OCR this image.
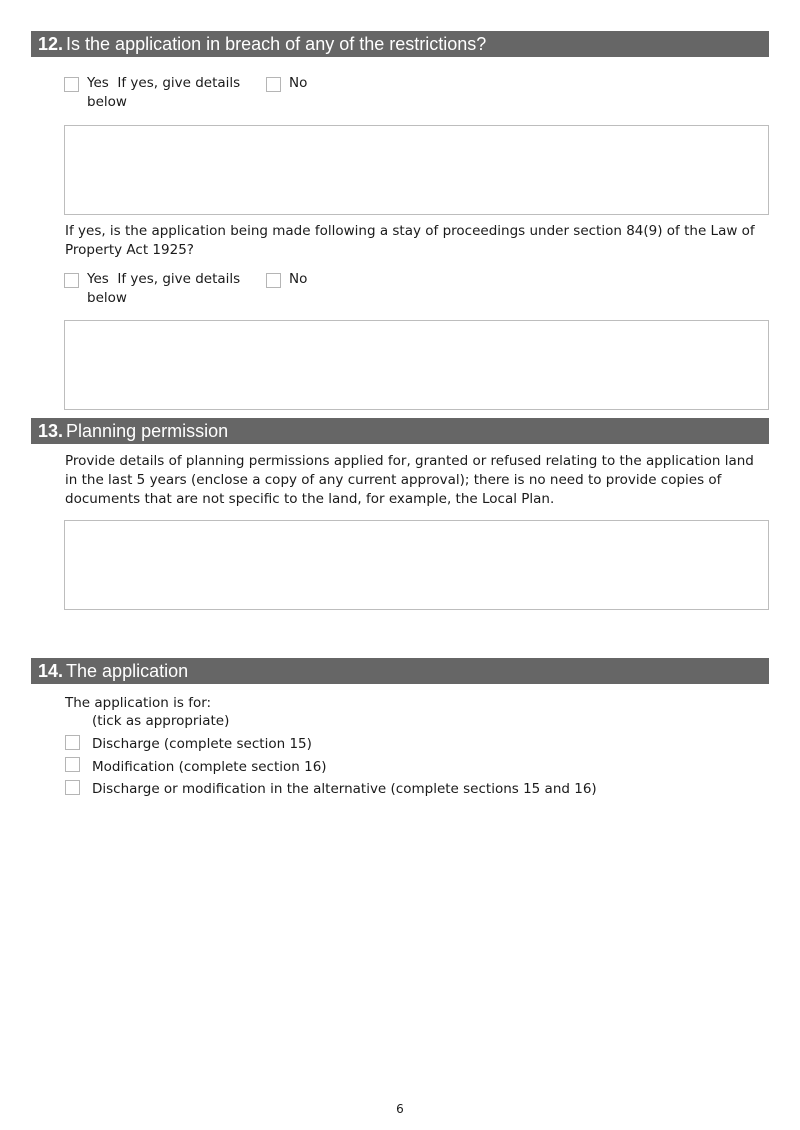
12. Is the application in breach of any of the restrictions?
Yes If yes, give details below
No
If yes, is the application being made following a stay of proceedings under section 84(9) of the Law of Property Act 1925?
Yes If yes, give details below
No
13. Planning permission
Provide details of planning permissions applied for, granted or refused relating to the application land in the last 5 years (enclose a copy of any current approval); there is no need to provide copies of documents that are not specific to the land, for example, the Local Plan.
14. The application
The application is for:
(tick as appropriate)
Discharge (complete section 15)
Modification (complete section 16)
Discharge or modification in the alternative (complete sections 15 and 16)
6
